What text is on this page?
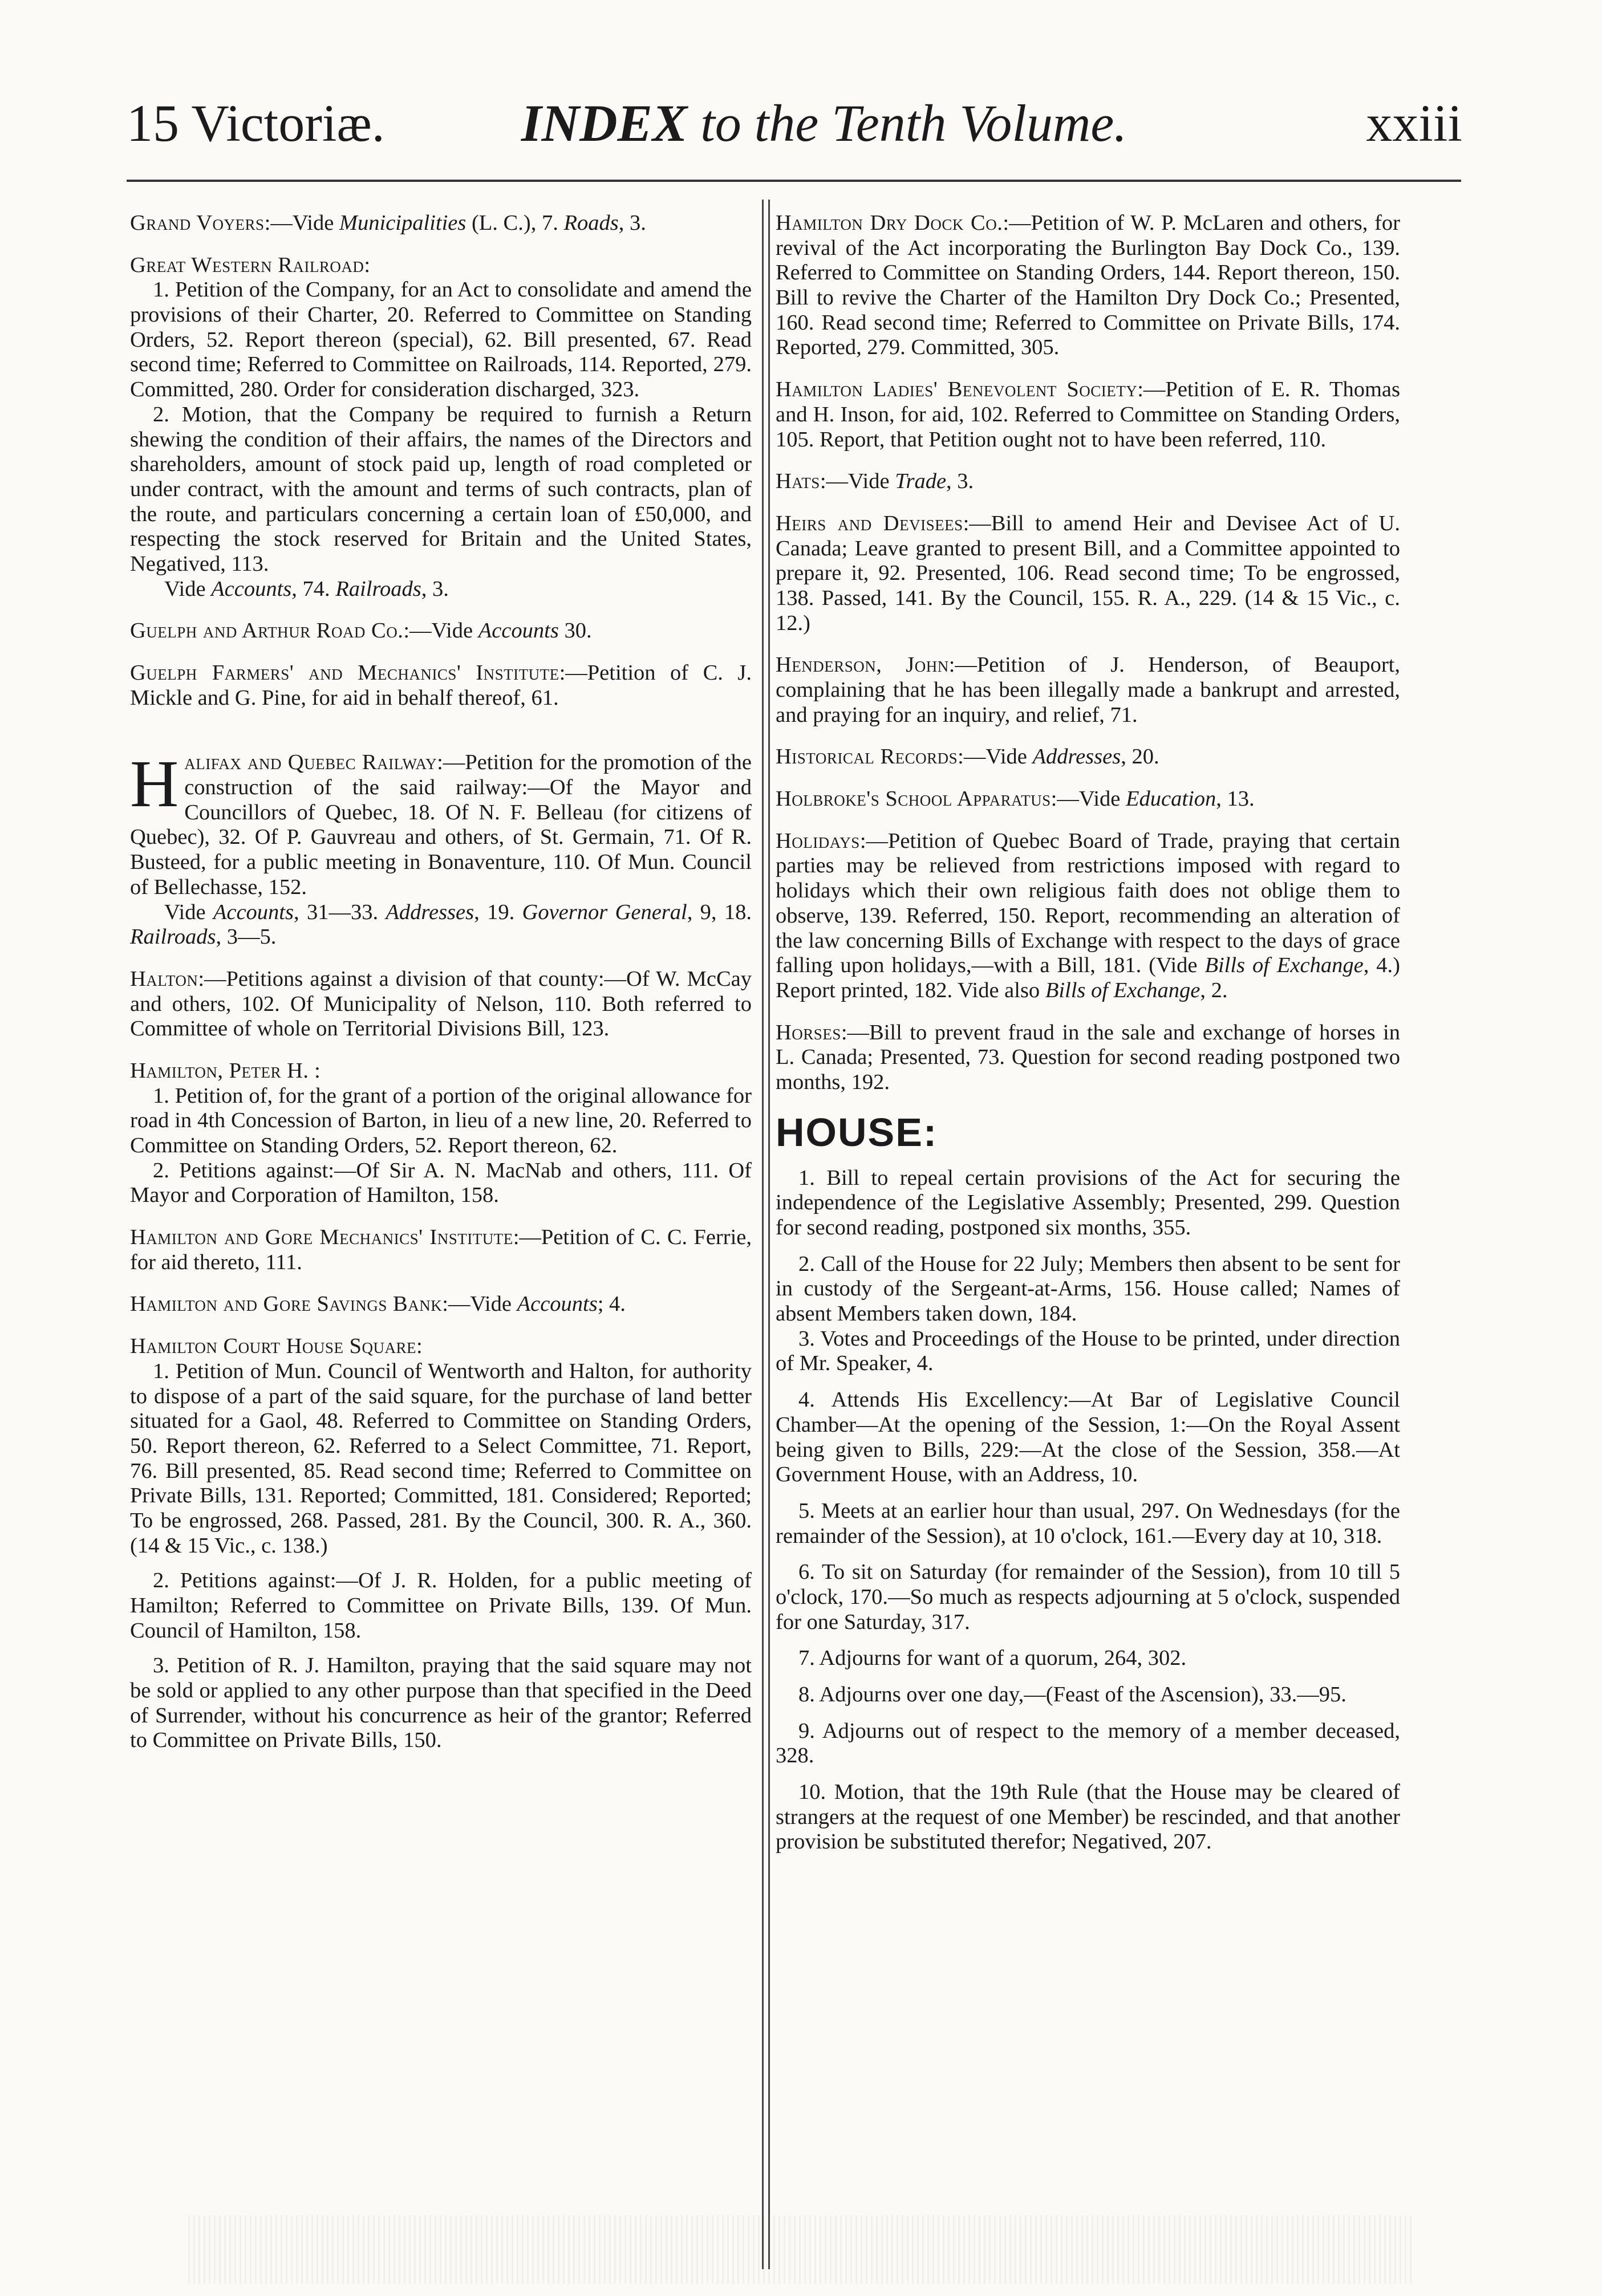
15 Victoriæ.	INDEX to the Tenth Volume.	xxiii

Grand Voyers:—Vide Municipalities (L. C.), 7. Roads, 3.

Great Western Railroad:

1. Petition of the Company, for an Act to consolidate and amend the provisions of their Charter, 20. Referred to Committee on Standing Orders, 52. Report thereon (special), 62. Bill presented, 67. Read second time; Referred to Committee on Railroads, 114. Reported, 279. Committed, 280. Order for consideration discharged, 323.

2. Motion, that the Company be required to furnish a Return shewing the condition of their affairs, the names of the Directors and shareholders, amount of stock paid up, length of road completed or under contract, with the amount and terms of such contracts, plan of the route, and particulars concerning a certain loan of £50,000, and respecting the stock reserved for Britain and the United States, Negatived, 113.

Vide Accounts, 74. Railroads, 3.

Guelph and Arthur Road Co.:—Vide Accounts 30.

Guelph Farmers' and Mechanics' Institute:—Petition of C. J. Mickle and G. Pine, for aid in behalf thereof, 61.

Halifax and Quebec Railway:—Petition for the promotion of the construction of the said railway:—Of the Mayor and Councillors of Quebec, 18. Of N. F. Belleau (for citizens of Quebec), 32. Of P. Gauvreau and others, of St. Germain, 71. Of R. Busteed, for a public meeting in Bonaventure, 110. Of Mun. Council of Bellechasse, 152.

Vide Accounts, 31—33. Addresses, 19. Governor General, 9, 18. Railroads, 3—5.

Halton:—Petitions against a division of that county:—Of W. McCay and others, 102. Of Municipality of Nelson, 110. Both referred to Committee of whole on Territorial Divisions Bill, 123.

Hamilton, Peter H. :

1. Petition of, for the grant of a portion of the original allowance for road in 4th Concession of Barton, in lieu of a new line, 20. Referred to Committee on Standing Orders, 52. Report thereon, 62.

2. Petitions against:—Of Sir A. N. MacNab and others, 111. Of Mayor and Corporation of Hamilton, 158.

Hamilton and Gore Mechanics' Institute:—Petition of C. C. Ferrie, for aid thereto, 111.

Hamilton and Gore Savings Bank:—Vide Accounts; 4.

Hamilton Court House Square:

1. Petition of Mun. Council of Wentworth and Halton, for authority to dispose of a part of the said square, for the purchase of land better situated for a Gaol, 48. Referred to Committee on Standing Orders, 50. Report thereon, 62. Referred to a Select Committee, 71. Report, 76. Bill presented, 85. Read second time; Referred to Committee on Private Bills, 131. Reported; Committed, 181. Considered; Reported; To be engrossed, 268. Passed, 281. By the Council, 300. R. A., 360. (14 & 15 Vic., c. 138.)

2. Petitions against:—Of J. R. Holden, for a public meeting of Hamilton; Referred to Committee on Private Bills, 139. Of Mun. Council of Hamilton, 158.

3. Petition of R. J. Hamilton, praying that the said square may not be sold or applied to any other purpose than that specified in the Deed of Surrender, without his concurrence as heir of the grantor; Referred to Committee on Private Bills, 150.

Hamilton Dry Dock Co.:—Petition of W. P. McLaren and others, for revival of the Act incorporating the Burlington Bay Dock Co., 139. Referred to Committee on Standing Orders, 144. Report thereon, 150. Bill to revive the Charter of the Hamilton Dry Dock Co.; Presented, 160. Read second time; Referred to Committee on Private Bills, 174. Reported, 279. Committed, 305.

Hamilton Ladies' Benevolent Society:—Petition of E. R. Thomas and H. Inson, for aid, 102. Referred to Committee on Standing Orders, 105. Report, that Petition ought not to have been referred, 110.

Hats:—Vide Trade, 3.

Heirs and Devisees:—Bill to amend Heir and Devisee Act of U. Canada; Leave granted to present Bill, and a Committee appointed to prepare it, 92. Presented, 106. Read second time; To be engrossed, 138. Passed, 141. By the Council, 155. R. A., 229. (14 & 15 Vic., c. 12.)

Henderson, John:—Petition of J. Henderson, of Beauport, complaining that he has been illegally made a bankrupt and arrested, and praying for an inquiry, and relief, 71.

Historical Records:—Vide Addresses, 20.

Holbroke's School Apparatus:—Vide Education, 13.

Holidays:—Petition of Quebec Board of Trade, praying that certain parties may be relieved from restrictions imposed with regard to holidays which their own religious faith does not oblige them to observe, 139. Referred, 150. Report, recommending an alteration of the law concerning Bills of Exchange with respect to the days of grace falling upon holidays,—with a Bill, 181. (Vide Bills of Exchange, 4.) Report printed, 182. Vide also Bills of Exchange, 2.

Horses:—Bill to prevent fraud in the sale and exchange of horses in L. Canada; Presented, 73. Question for second reading postponed two months, 192.

HOUSE:

1. Bill to repeal certain provisions of the Act for securing the independence of the Legislative Assembly; Presented, 299. Question for second reading, postponed six months, 355.

2. Call of the House for 22 July; Members then absent to be sent for in custody of the Sergeant-at-Arms, 156. House called; Names of absent Members taken down, 184.

3. Votes and Proceedings of the House to be printed, under direction of Mr. Speaker, 4.

4. Attends His Excellency:—At Bar of Legislative Council Chamber—At the opening of the Session, 1:—On the Royal Assent being given to Bills, 229:—At the close of the Session, 358.—At Government House, with an Address, 10.

5. Meets at an earlier hour than usual, 297. On Wednesdays (for the remainder of the Session), at 10 o'clock, 161.—Every day at 10, 318.

6. To sit on Saturday (for remainder of the Session), from 10 till 5 o'clock, 170.—So much as respects adjourning at 5 o'clock, suspended for one Saturday, 317.

7. Adjourns for want of a quorum, 264, 302.

8. Adjourns over one day,—(Feast of the Ascension), 33.—95.

9. Adjourns out of respect to the memory of a member deceased, 328.

10. Motion, that the 19th Rule (that the House may be cleared of strangers at the request of one Member) be rescinded, and that another provision be substituted therefor; Negatived, 207.
